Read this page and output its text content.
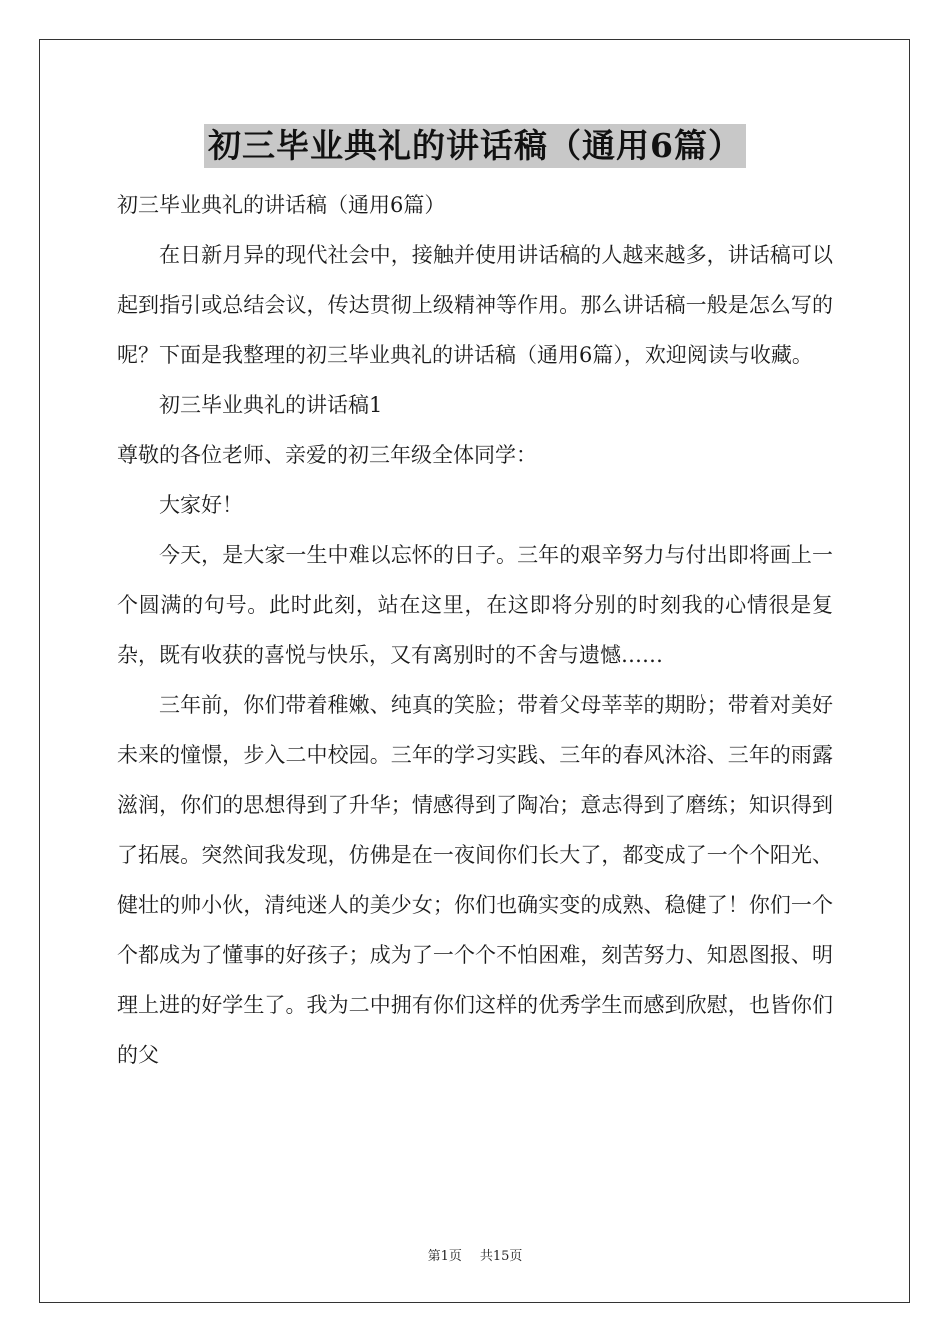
初三毕业典礼的讲话稿（通用6篇）

初三毕业典礼的讲话稿（通用6篇）

在日新月异的现代社会中，接触并使用讲话稿的人越来越多，讲话稿可以起到指引或总结会议，传达贯彻上级精神等作用。那么讲话稿一般是怎么写的呢？下面是我整理的初三毕业典礼的讲话稿（通用6篇），欢迎阅读与收藏。

初三毕业典礼的讲话稿1

尊敬的各位老师、亲爱的初三年级全体同学：

大家好！

今天，是大家一生中难以忘怀的日子。三年的艰辛努力与付出即将画上一个圆满的句号。此时此刻，站在这里，在这即将分别的时刻我的心情很是复杂，既有收获的喜悦与快乐，又有离别时的不舍与遗憾……

三年前，你们带着稚嫩、纯真的笑脸；带着父母莘莘的期盼；带着对美好未来的憧憬，步入二中校园。三年的学习实践、三年的春风沐浴、三年的雨露滋润，你们的思想得到了升华；情感得到了陶冶；意志得到了磨练；知识得到了拓展。突然间我发现，仿佛是在一夜间你们长大了，都变成了一个个阳光、健壮的帅小伙，清纯迷人的美少女；你们也确实变的成熟、稳健了！你们一个个都成为了懂事的好孩子；成为了一个个不怕困难，刻苦努力、知恩图报、明理上进的好学生了。我为二中拥有你们这样的优秀学生而感到欣慰，也皆你们的父

第1页 共15页
